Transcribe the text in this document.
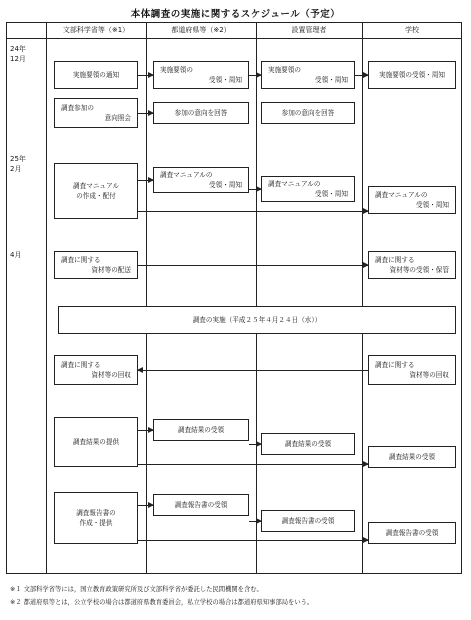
本体調査の実施に関するスケジュール（予定）
文部科学省等（※1）	都道府県等（※2）	設置管理者	学校
24年
12月
25年
2月
4月
実施要領の通知
実施要領の
受領・周知
実施要領の
受領・周知
実施要領の受領・周知
調査参加の
意向照会
参加の意向を回答	参加の意向を回答
調査マニュアル
の作成・配付
調査マニュアルの
受領・周知	調査マニュアルの
受領・周知	調査マニュアルの
受領・周知
調査に関する
資材等の配送
調査に関する
資材等の受領・保管
調査の実施（平成２５年４月２４日（水））
調査に関する
資材等の回収
調査に関する
資材等の回収
調査結果の提供
調査結果の受領
調査結果の受領
調査結果の受領
調査報告書の
作成・提供
調査報告書の受領
調査報告書の受領
調査報告書の受領
※１ 文部科学省等には，国立教育政策研究所及び文部科学省が委託した民間機関を含む。
※２ 都道府県等とは，公立学校の場合は都道府県教育委員会，私立学校の場合は都道府県知事部局をいう。
